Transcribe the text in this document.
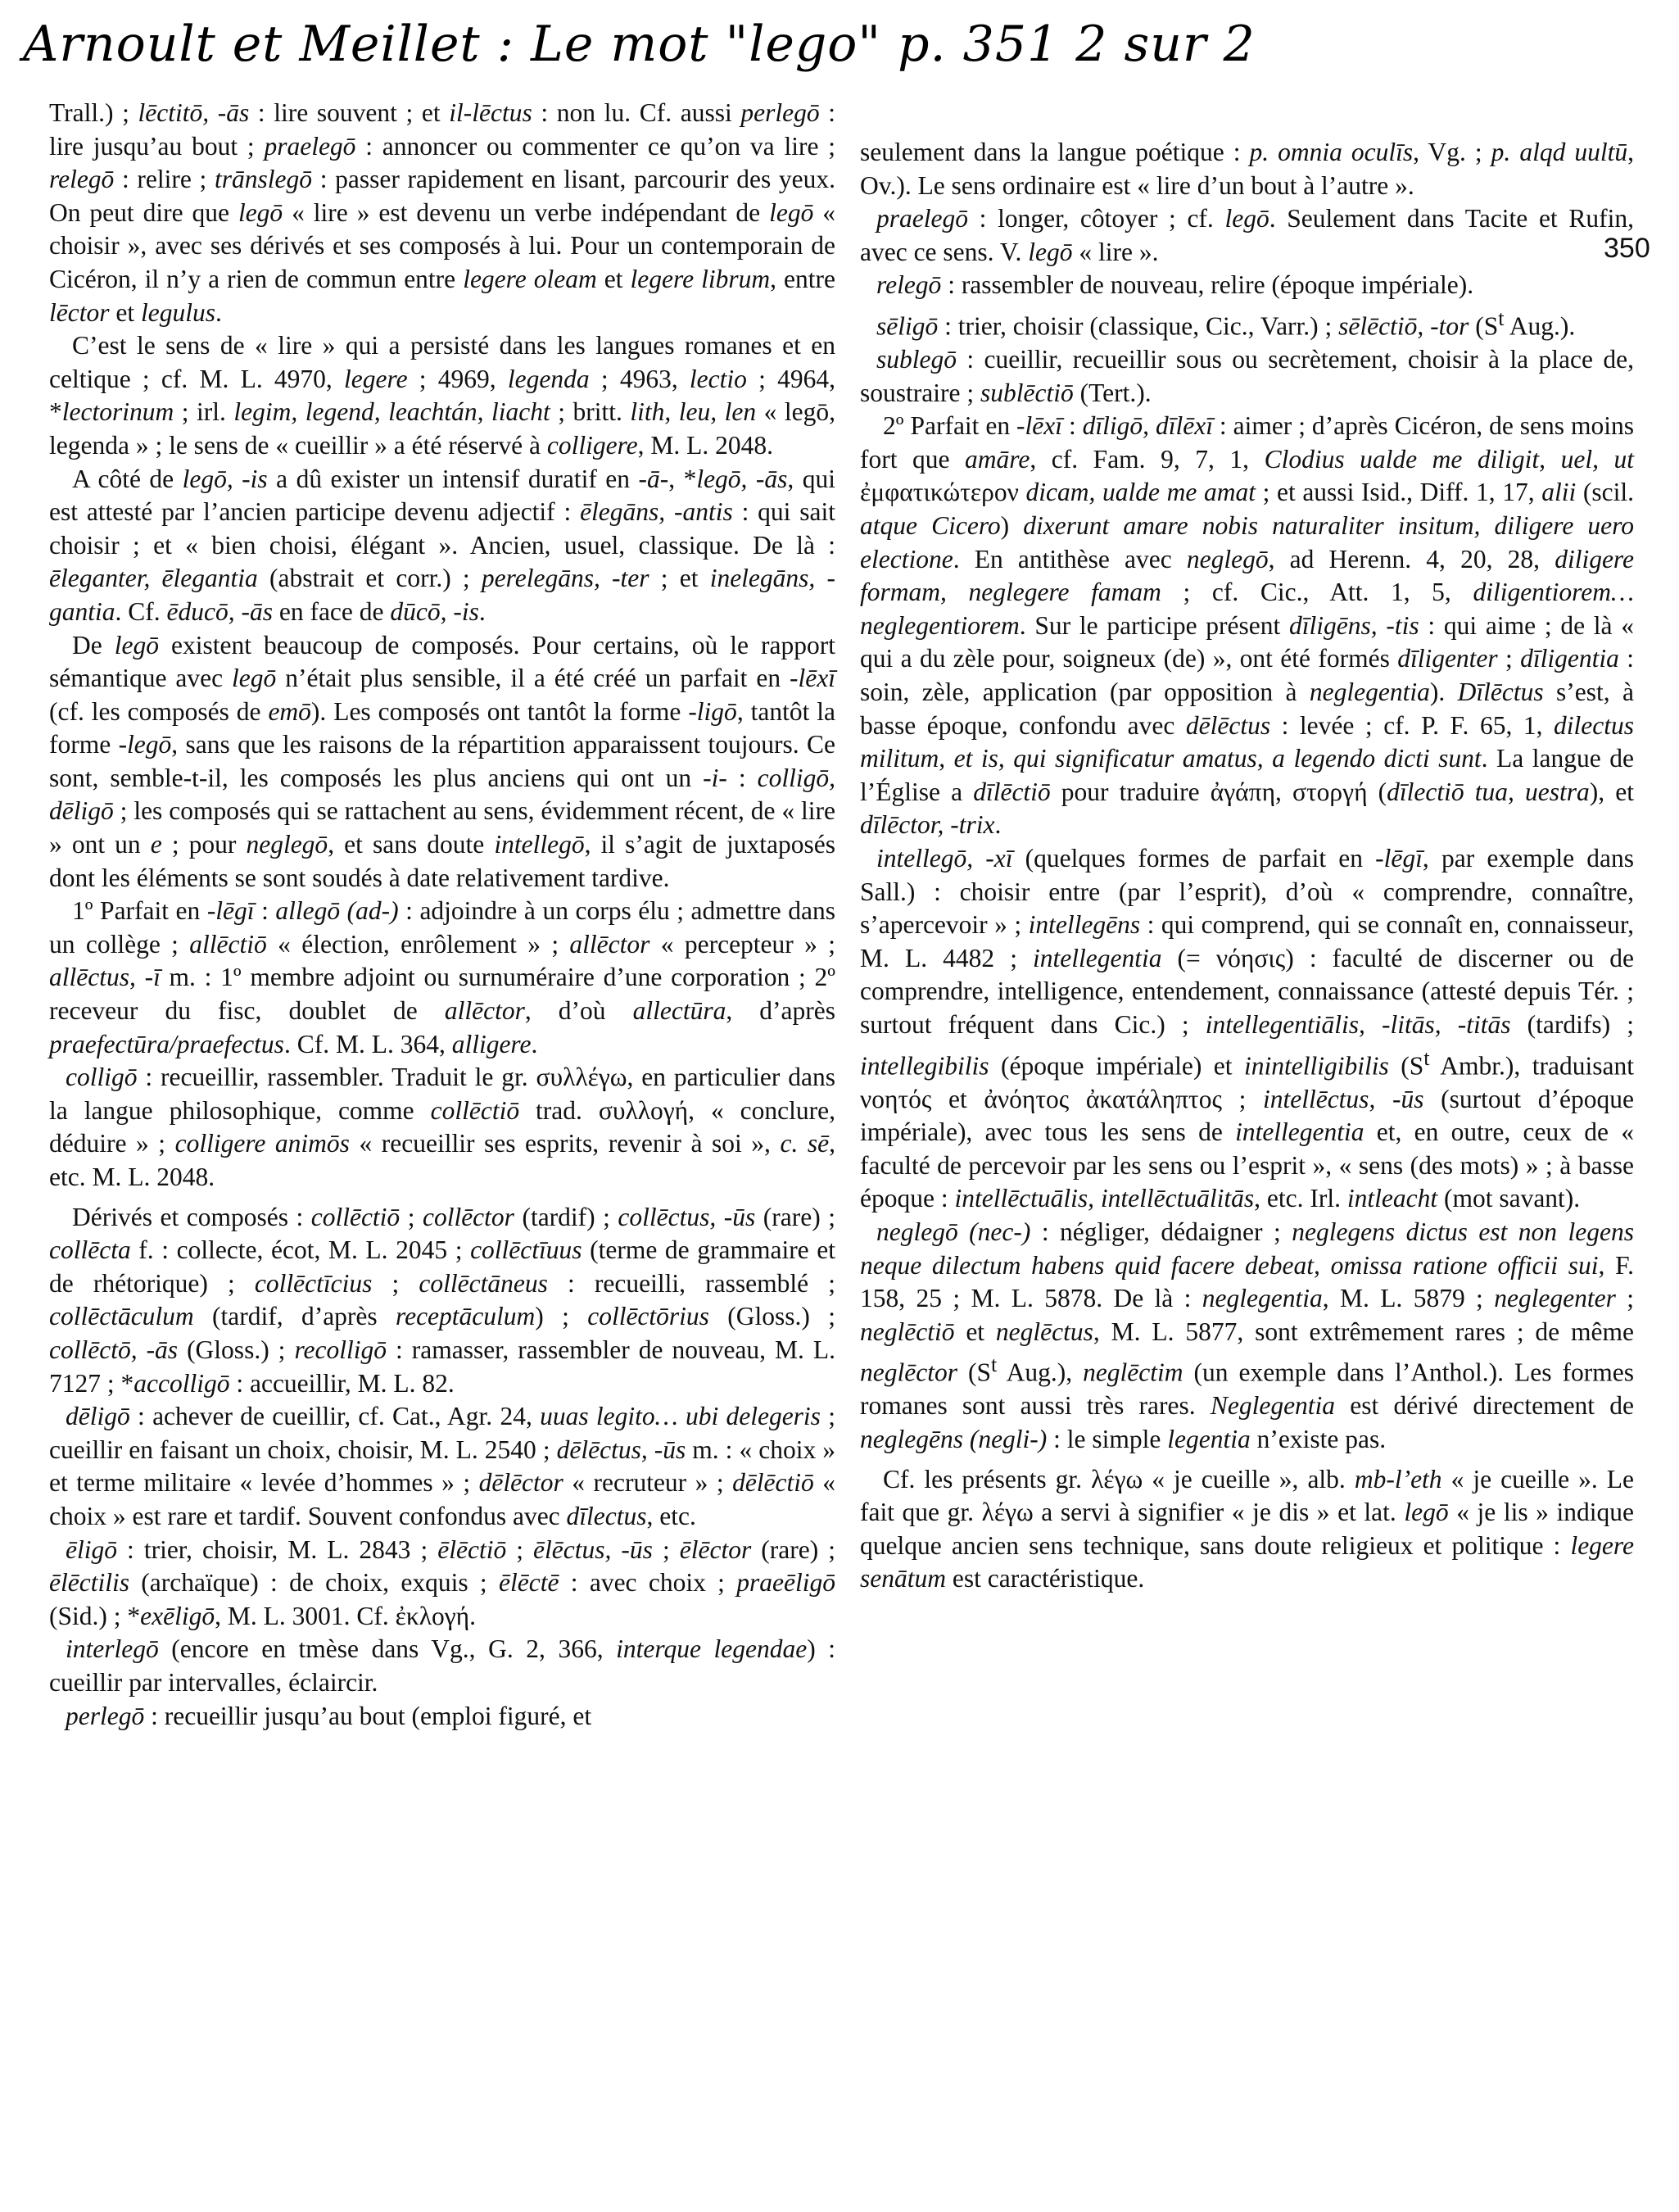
Arnoult et Meillet : Le mot "lego" p. 351 2 sur 2
350

Trall.) ; lēctitō, -ās : lire souvent ; et il-lēctus : non lu. Cf. aussi perlegō : lire jusqu’au bout ; praelegō : annoncer ou commenter ce qu’on va lire ; relegō : relire ; trānslegō : passer rapidement en lisant, parcourir des yeux. On peut dire que legō « lire » est devenu un verbe indépendant de legō « choisir », avec ses dérivés et ses composés à lui. Pour un contemporain de Cicéron, il n’y a rien de commun entre legere oleam et legere librum, entre lēctor et legulus.

C’est le sens de « lire » qui a persisté dans les langues romanes et en celtique ; cf. M. L. 4970, legere ; 4969, legenda ; 4963, lectio ; 4964, *lectorinum ; irl. legim, legend, leachtán, liacht ; britt. lith, leu, len « legō, legenda » ; le sens de « cueillir » a été réservé à colligere, M. L. 2048.

A côté de legō, -is a dû exister un intensif duratif en -ā-, *legō, -ās, qui est attesté par l’ancien participe devenu adjectif : ēlegāns, -antis : qui sait choisir ; et « bien choisi, élégant ». Ancien, usuel, classique. De là : ēleganter, ēlegantia (abstrait et corr.) ; perelegāns, -ter ; et inelegāns, -gantia. Cf. ēducō, -ās en face de dūcō, -is.

De legō existent beaucoup de composés. Pour certains, où le rapport sémantique avec legō n’était plus sensible, il a été créé un parfait en -lēxī (cf. les composés de emō). Les composés ont tantôt la forme -ligō, tantôt la forme -legō, sans que les raisons de la répartition apparaissent toujours. Ce sont, semble-t-il, les composés les plus anciens qui ont un -i- : colligō, dēligō ; les composés qui se rattachent au sens, évidemment récent, de « lire » ont un e ; pour neglegō, et sans doute intellegō, il s’agit de juxtaposés dont les éléments se sont soudés à date relativement tardive.

1º Parfait en -lēgī : allegō (ad-) : adjoindre à un corps élu ; admettre dans un collège ; allēctiō « élection, enrôlement » ; allēctor « percepteur » ; allēctus, -ī m. : 1º membre adjoint ou surnuméraire d’une corporation ; 2º receveur du fisc, doublet de allēctor, d’où allectūra, d’après praefectūra/praefectus. Cf. M. L. 364, alligere.

colligō : recueillir, rassembler. Traduit le gr. συλλέγω, en particulier dans la langue philosophique, comme collēctiō trad. συλλογή, « conclure, déduire » ; colligere animōs « recueillir ses esprits, revenir à soi », c. sē, etc. M. L. 2048.

Dérivés et composés : collēctiō ; collēctor (tardif) ; collēctus, -ūs (rare) ; collēcta f. : collecte, écot, M. L. 2045 ; collēctīuus (terme de grammaire et de rhétorique) ; collēctīcius ; collēctāneus : recueilli, rassemblé ; collēctāculum (tardif, d’après receptāculum) ; collēctōrius (Gloss.) ; collēctō, -ās (Gloss.) ; recolligō : ramasser, rassembler de nouveau, M. L. 7127 ; *accolligō : accueillir, M. L. 82.

dēligō : achever de cueillir, cf. Cat., Agr. 24, uuas legito… ubi delegeris ; cueillir en faisant un choix, choisir, M. L. 2540 ; dēlēctus, -ūs m. : « choix » et terme militaire « levée d’hommes » ; dēlēctor « recruteur » ; dēlēctiō « choix » est rare et tardif. Souvent confondus avec dīlectus, etc.

ēligō : trier, choisir, M. L. 2843 ; ēlēctiō ; ēlēctus, -ūs ; ēlēctor (rare) ; ēlēctilis (archaïque) : de choix, exquis ; ēlēctē : avec choix ; praeēligō (Sid.) ; *exēligō, M. L. 3001. Cf. ἐκλογή.

interlegō (encore en tmèse dans Vg., G. 2, 366, interque legendae) : cueillir par intervalles, éclaircir.

perlegō : recueillir jusqu’au bout (emploi figuré, et

seulement dans la langue poétique : p. omnia oculīs, Vg. ; p. alqd uultū, Ov.). Le sens ordinaire est « lire d’un bout à l’autre ».

praelegō : longer, côtoyer ; cf. legō. Seulement dans Tacite et Rufin, avec ce sens. V. legō « lire ».

relegō : rassembler de nouveau, relire (époque impériale).

sēligō : trier, choisir (classique, Cic., Varr.) ; sēlēctiō, -tor ($S^t$ Aug.).

sublegō : cueillir, recueillir sous ou secrètement, choisir à la place de, soustraire ; sublēctiō (Tert.).

2º Parfait en -lēxī : dīligō, dīlēxī : aimer ; d’après Cicéron, de sens moins fort que amāre, cf. Fam. 9, 7, 1, Clodius ualde me diligit, uel, ut ἐμφατικώτερον dicam, ualde me amat ; et aussi Isid., Diff. 1, 17, alii (scil. atque Cicero) dixerunt amare nobis naturaliter insitum, diligere uero electione. En antithèse avec neglegō, ad Herenn. 4, 20, 28, diligere formam, neglegere famam ; cf. Cic., Att. 1, 5, diligentiorem… neglegentiorem. Sur le participe présent dīligēns, -tis : qui aime ; de là « qui a du zèle pour, soigneux (de) », ont été formés dīligenter ; dīligentia : soin, zèle, application (par opposition à neglegentia). Dīlēctus s’est, à basse époque, confondu avec dēlēctus : levée ; cf. P. F. 65, 1, dilectus militum, et is, qui significatur amatus, a legendo dicti sunt. La langue de l’Église a dīlēctiō pour traduire ἀγάπη, στοργή (dīlectiō tua, uestra), et dīlēctor, -trix.

intellegō, -xī (quelques formes de parfait en -lēgī, par exemple dans Sall.) : choisir entre (par l’esprit), d’où « comprendre, connaître, s’apercevoir » ; intellegēns : qui comprend, qui se connaît en, connaisseur, M. L. 4482 ; intellegentia (= νόησις) : faculté de discerner ou de comprendre, intelligence, entendement, connaissance (attesté depuis Tér. ; surtout fréquent dans Cic.) ; intellegentiālis, -litās, -titās (tardifs) ; intellegibilis (époque impériale) et inintelligibilis ($S^t$ Ambr.), traduisant νοητός et ἀνόητος ἀκατάληπτος ; intellēctus, -ūs (surtout d’époque impériale), avec tous les sens de intellegentia et, en outre, ceux de « faculté de percevoir par les sens ou l’esprit », « sens (des mots) » ; à basse époque : intellēctuālis, intellēctuālitās, etc. Irl. intleacht (mot savant).

neglegō (nec-) : négliger, dédaigner ; neglegens dictus est non legens neque dilectum habens quid facere debeat, omissa ratione officii sui, F. 158, 25 ; M. L. 5878. De là : neglegentia, M. L. 5879 ; neglegenter ; neglēctiō et neglēctus, M. L. 5877, sont extrêmement rares ; de même neglēctor ($S^t$ Aug.), neglēctim (un exemple dans l’Anthol.). Les formes romanes sont aussi très rares. Neglegentia est dérivé directement de neglegēns (negli-) : le simple legentia n’existe pas.

Cf. les présents gr. λέγω « je cueille », alb. mb-l’eth « je cueille ». Le fait que gr. λέγω a servi à signifier « je dis » et lat. legō « je lis » indique quelque ancien sens technique, sans doute religieux et politique : legere senātum est caractéristique.
